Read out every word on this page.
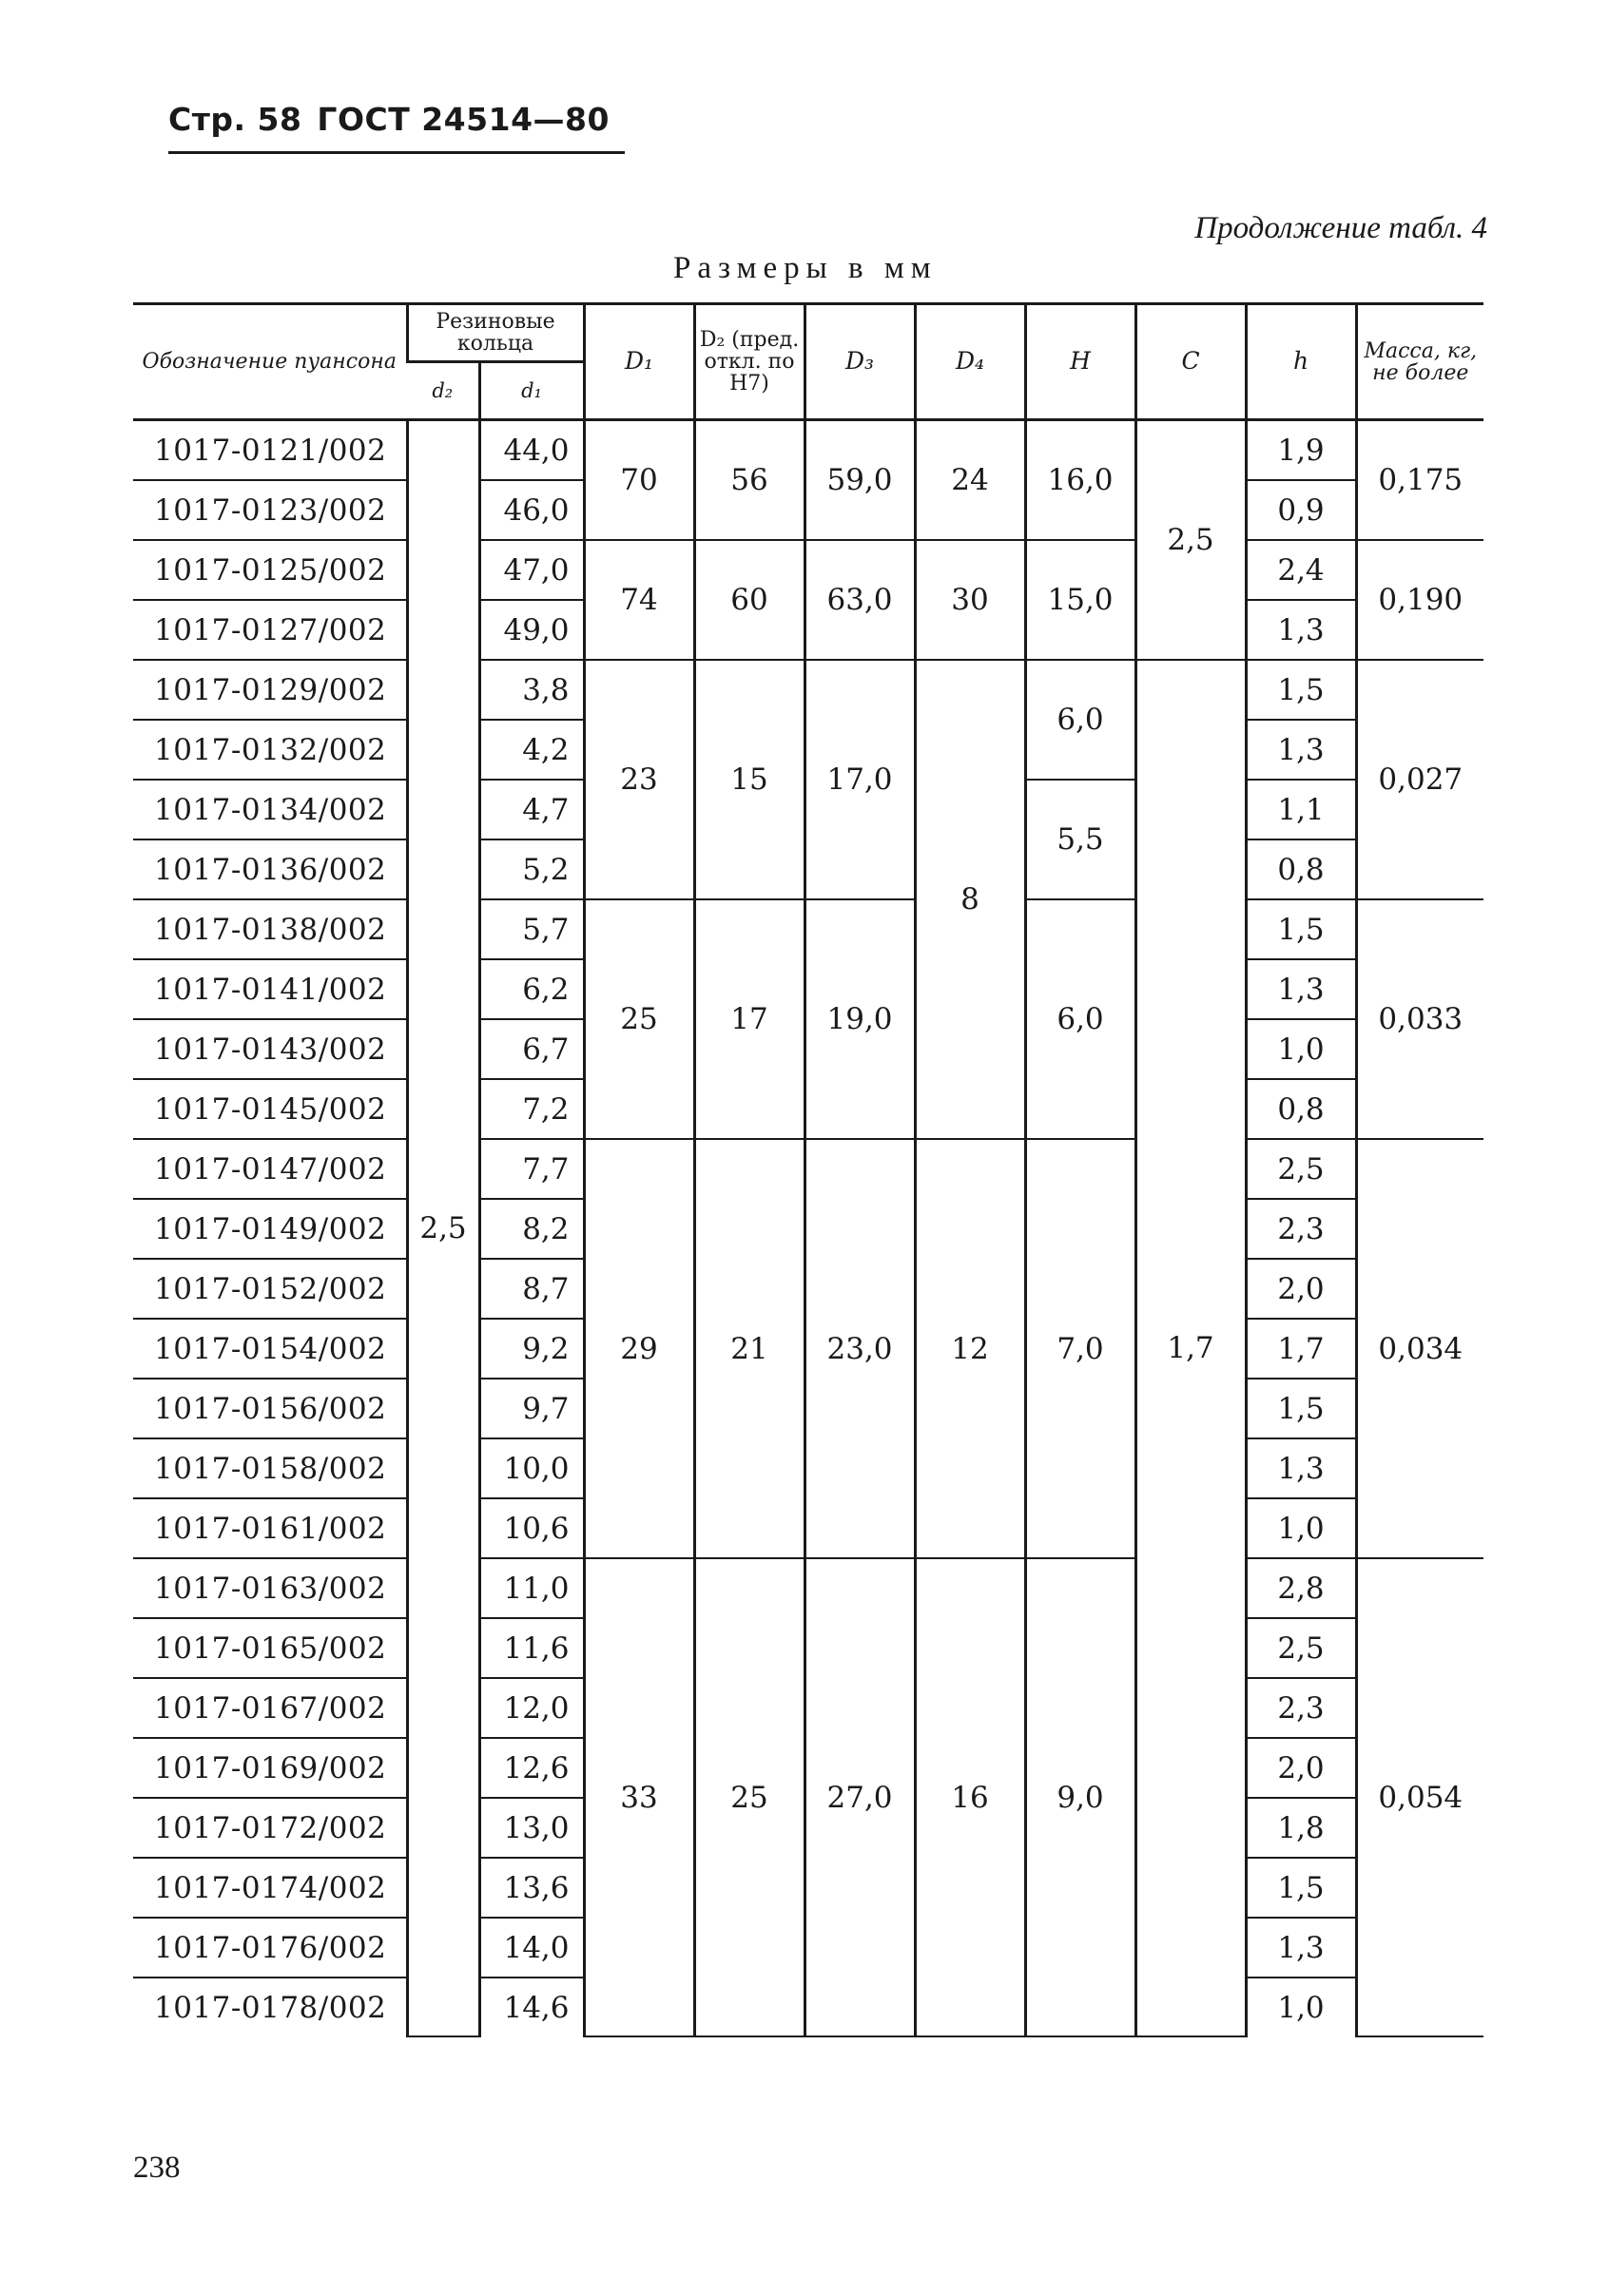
Стр. 58 ГОСТ 24514—80
Продолжение табл. 4
Размеры в мм
Обозначение пуансона	Резиновые кольца		D₁	D₂ (пред. откл. по H7)	D₃	D₄	H	C	h	Масса, кг, не более
	d₂	d₁								
1017-0121/002	2,5	44,0	70	56	59,0	24	16,0	2,5	1,9	0,175
1017-0123/002		46,0							0,9	
1017-0125/002		47,0	74	60	63,0	30	15,0		2,4	0,190
1017-0127/002		49,0							1,3	
1017-0129/002		3,8	23	15	17,0	8	6,0	1,7	1,5	0,027
1017-0132/002		4,2							1,3	
1017-0134/002		4,7					5,5		1,1	
1017-0136/002		5,2							0,8	
1017-0138/002		5,7	25	17	19,0		6,0		1,5	0,033
1017-0141/002		6,2							1,3	
1017-0143/002		6,7							1,0	
1017-0145/002		7,2							0,8	
1017-0147/002		7,7	29	21	23,0	12	7,0		2,5	0,034
1017-0149/002		8,2							2,3	
1017-0152/002		8,7							2,0	
1017-0154/002		9,2							1,7	
1017-0156/002		9,7							1,5	
1017-0158/002		10,0							1,3	
1017-0161/002		10,6							1,0	
1017-0163/002		11,0	33	25	27,0	16	9,0		2,8	0,054
1017-0165/002		11,6							2,5	
1017-0167/002		12,0							2,3	
1017-0169/002		12,6							2,0	
1017-0172/002		13,0							1,8	
1017-0174/002		13,6							1,5	
1017-0176/002		14,0							1,3	
1017-0178/002		14,6							1,0	
238
